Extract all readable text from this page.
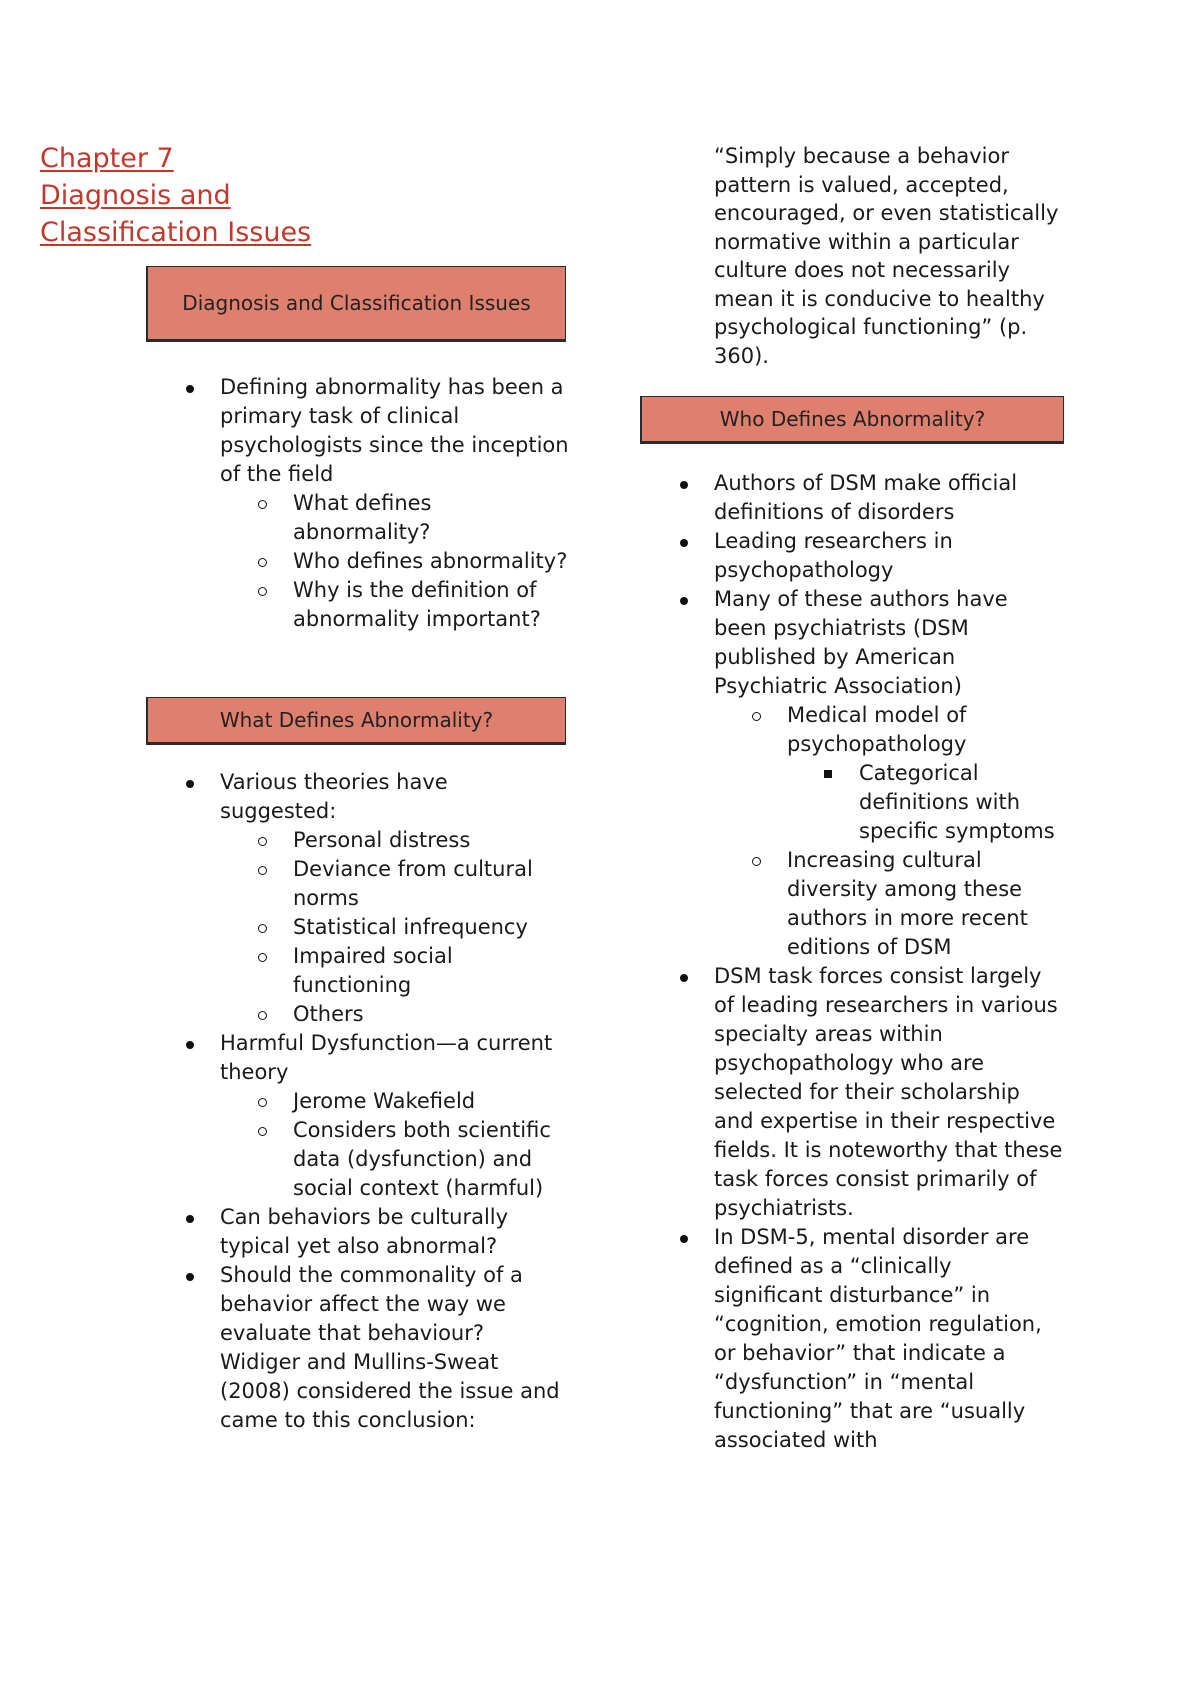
Chapter 7
Diagnosis and
Classification Issues
Diagnosis and Classification Issues
Defining abnormality has been a primary task of clinical psychologists since the inception of the field
What defines abnormality?
Who defines abnormality?
Why is the definition of abnormality important?
What Defines Abnormality?
Various theories have suggested:
Personal distress
Deviance from cultural norms
Statistical infrequency
Impaired social functioning
Others
Harmful Dysfunction—a current theory
Jerome Wakefield
Considers both scientific data (dysfunction) and social context (harmful)
Can behaviors be culturally typical yet also abnormal?
Should the commonality of a behavior affect the way we evaluate that behaviour? Widiger and Mullins-Sweat (2008) considered the issue and came to this conclusion:
“Simply because a behavior pattern is valued, accepted, encouraged, or even statistically normative within a particular culture does not necessarily mean it is conducive to healthy psychological functioning” (p. 360).
Who Defines Abnormality?
Authors of DSM make official definitions of disorders
Leading researchers in psychopathology
Many of these authors have been psychiatrists (DSM published by American Psychiatric Association)
Medical model of psychopathology
Categorical definitions with specific symptoms
Increasing cultural diversity among these authors in more recent editions of DSM
DSM task forces consist largely of leading researchers in various specialty areas within psychopathology who are selected for their scholarship and expertise in their respective fields. It is noteworthy that these task forces consist primarily of psychiatrists.
In DSM-5, mental disorder are defined as a “clinically significant disturbance” in “cognition, emotion regulation, or behavior” that indicate a “dysfunction” in “mental functioning” that are “usually associated with
